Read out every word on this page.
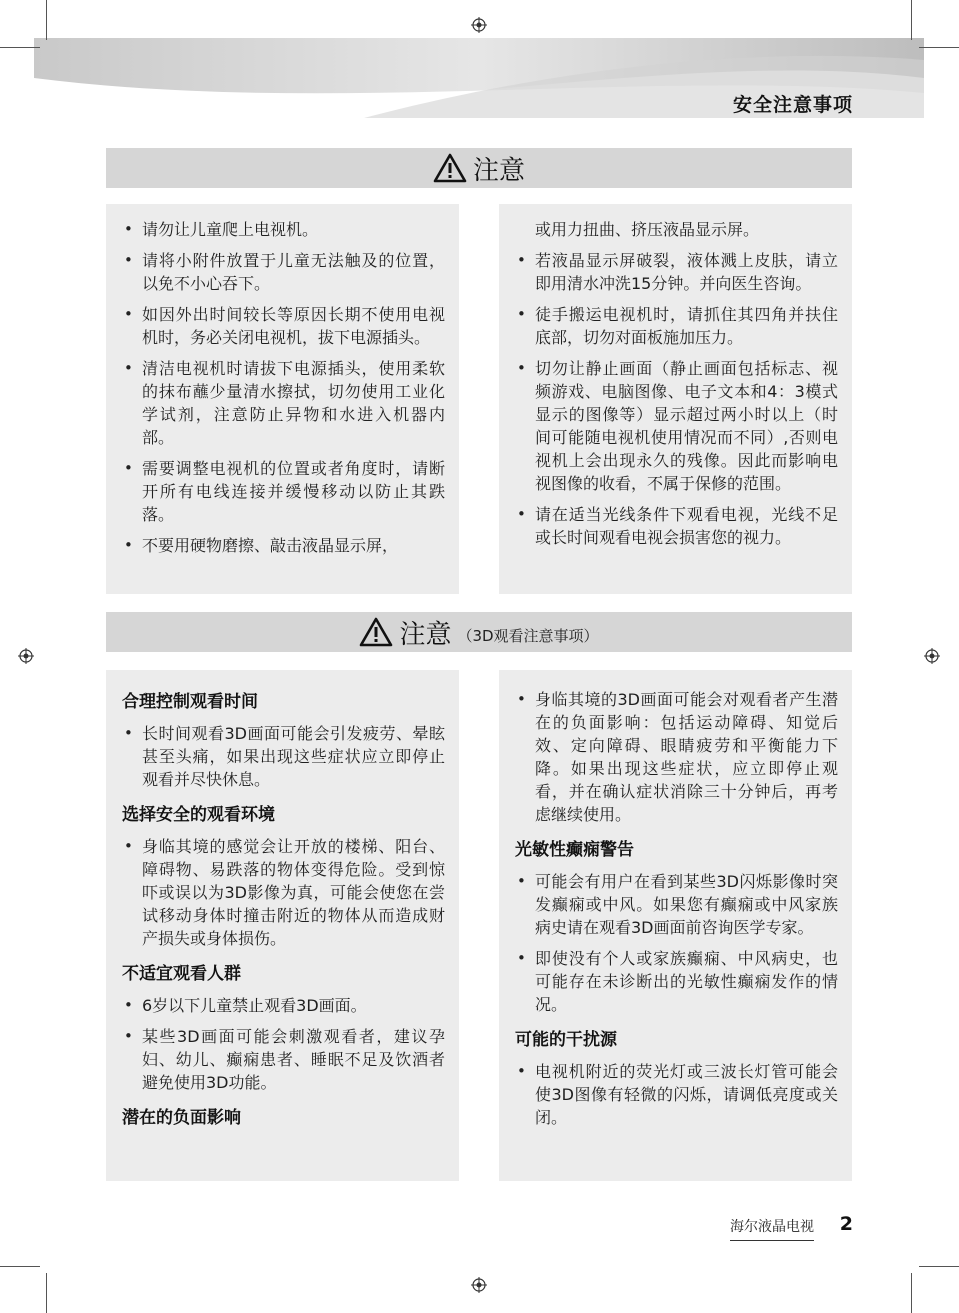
安全注意事项
注意
• 请勿让儿童爬上电视机。
• 请将小附件放置于儿童无法触及的位置，以免不小心吞下。
• 如因外出时间较长等原因长期不使用电视机时，务必关闭电视机，拔下电源插头。
• 清洁电视机时请拔下电源插头，使用柔软的抹布蘸少量清水擦拭，切勿使用工业化学试剂，注意防止异物和水进入机器内部。
• 需要调整电视机的位置或者角度时，请断开所有电线连接并缓慢移动以防止其跌落。
• 不要用硬物磨擦、敲击液晶显示屏，
或用力扭曲、挤压液晶显示屏。
• 若液晶显示屏破裂，液体溅上皮肤，请立即用清水冲洗15分钟。并向医生咨询。
• 徒手搬运电视机时，请抓住其四角并扶住底部，切勿对面板施加压力。
• 切勿让静止画面（静止画面包括标志、视频游戏、电脑图像、电子文本和4：3模式显示的图像等）显示超过两小时以上（时间可能随电视机使用情况而不同）,否则电视机上会出现永久的残像。因此而影响电视图像的收看，不属于保修的范围。
• 请在适当光线条件下观看电视，光线不足或长时间观看电视会损害您的视力。
注意 （3D观看注意事项）
合理控制观看时间
• 长时间观看3D画面可能会引发疲劳、晕眩甚至头痛，如果出现这些症状应立即停止观看并尽快休息。
选择安全的观看环境
• 身临其境的感觉会让开放的楼梯、阳台、障碍物、易跌落的物体变得危险。受到惊吓或误以为3D影像为真，可能会使您在尝试移动身体时撞击附近的物体从而造成财产损失或身体损伤。
不适宜观看人群
• 6岁以下儿童禁止观看3D画面。
• 某些3D画面可能会刺激观看者，建议孕妇、幼儿、癫痫患者、睡眠不足及饮酒者避免使用3D功能。
潜在的负面影响
• 身临其境的3D画面可能会对观看者产生潜在的负面影响：包括运动障碍、知觉后效、定向障碍、眼睛疲劳和平衡能力下降。如果出现这些症状，应立即停止观看，并在确认症状消除三十分钟后，再考虑继续使用。
光敏性癫痫警告
• 可能会有用户在看到某些3D闪烁影像时突发癫痫或中风。如果您有癫痫或中风家族病史请在观看3D画面前咨询医学专家。
• 即使没有个人或家族癫痫、中风病史，也可能存在未诊断出的光敏性癫痫发作的情况。
可能的干扰源
• 电视机附近的荧光灯或三波长灯管可能会使3D图像有轻微的闪烁，请调低亮度或关闭。
海尔液晶电视 2
